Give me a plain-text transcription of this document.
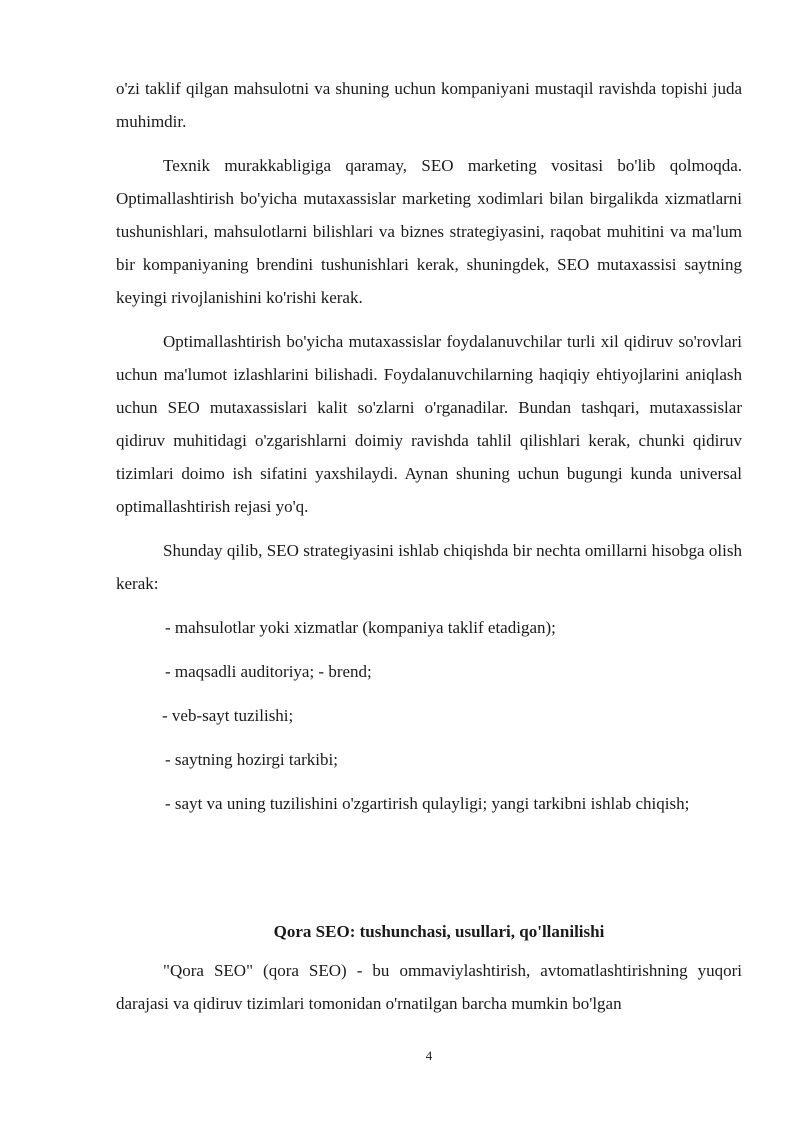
o'zi taklif qilgan mahsulotni va shuning uchun kompaniyani mustaqil ravishda topishi juda muhimdir.

Texnik murakkabligiga qaramay, SEO marketing vositasi bo'lib qolmoqda. Optimallashtirish bo'yicha mutaxassislar marketing xodimlari bilan birgalikda xizmatlarni tushunishlari, mahsulotlarni bilishlari va biznes strategiyasini, raqobat muhitini va ma'lum bir kompaniyaning brendini tushunishlari kerak, shuningdek, SEO mutaxassisi saytning keyingi rivojlanishini ko'rishi kerak.

Optimallashtirish bo'yicha mutaxassislar foydalanuvchilar turli xil qidiruv so'rovlari uchun ma'lumot izlashlarini bilishadi. Foydalanuvchilarning haqiqiy ehtiyojlarini aniqlash uchun SEO mutaxassislari kalit so'zlarni o'rganadilar. Bundan tashqari, mutaxassislar qidiruv muhitidagi o'zgarishlarni doimiy ravishda tahlil qilishlari kerak, chunki qidiruv tizimlari doimo ish sifatini yaxshilaydi. Aynan shuning uchun bugungi kunda universal optimallashtirish rejasi yo'q.

Shunday qilib, SEO strategiyasini ishlab chiqishda bir nechta omillarni hisobga olish kerak:

- mahsulotlar yoki xizmatlar (kompaniya taklif etadigan);
- maqsadli auditoriya; - brend;
- veb-sayt tuzilishi;
- saytning hozirgi tarkibi;
- sayt va uning tuzilishini o'zgartirish qulayligi; yangi tarkibni ishlab chiqish;
Qora SEO: tushunchasi, usullari, qo'llanilishi

"Qora SEO" (qora SEO) - bu ommaviylashtirish, avtomatlashtirishning yuqori darajasi va qidiruv tizimlari tomonidan o'rnatilgan barcha mumkin bo'lgan

4
